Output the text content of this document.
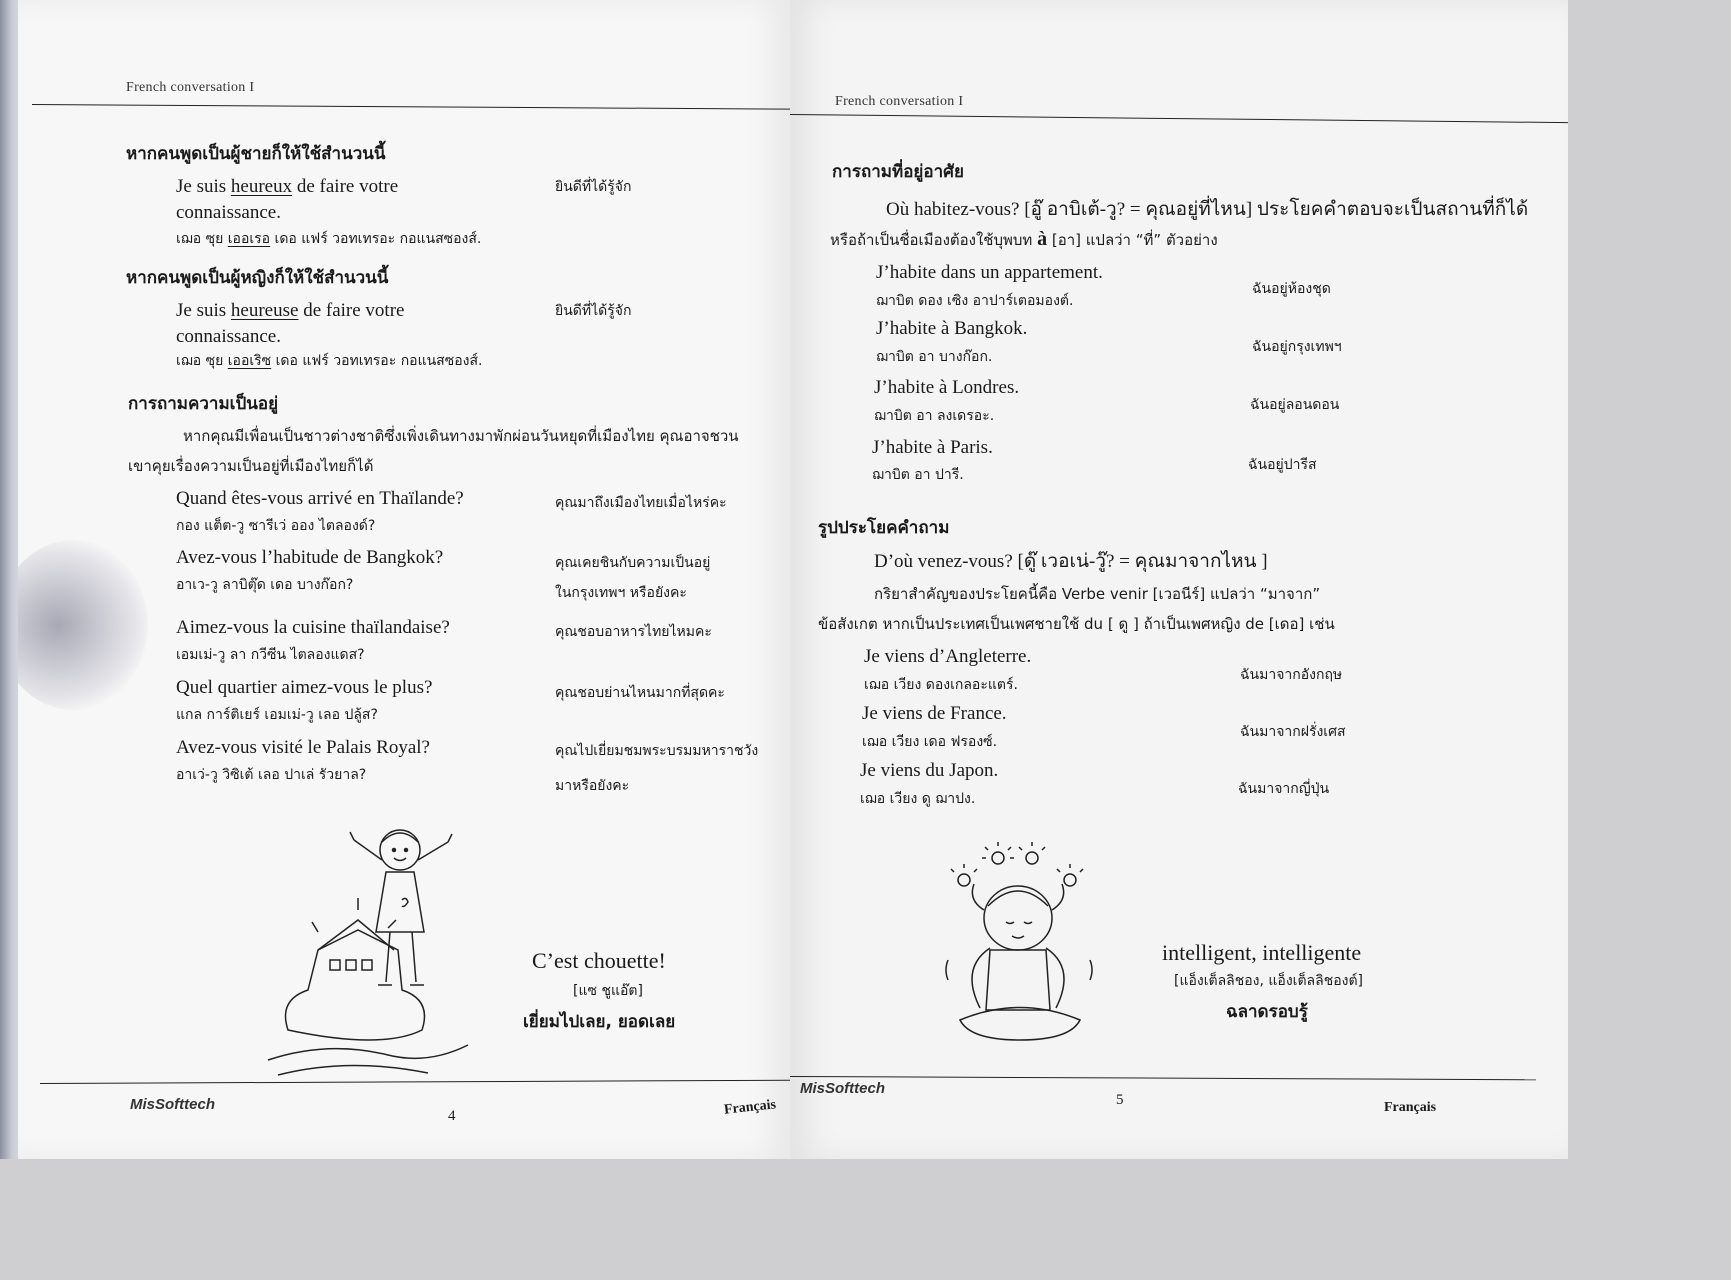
French conversation I
หากคนพูดเป็นผู้ชายก็ให้ใช้สำนวนนี้
Je suis heureux de faire votre
connaissance.
เฌอ ซุย เออเรอ เดอ แฟร์ วอทเทรอะ กอแนสซองส์.
ยินดีที่ได้รู้จัก
หากคนพูดเป็นผู้หญิงก็ให้ใช้สำนวนนี้
Je suis heureuse de faire votre
connaissance.
เฌอ ซุย เออเริซ เดอ แฟร์ วอทเทรอะ กอแนสซองส์.
ยินดีที่ได้รู้จัก
การถามความเป็นอยู่
หากคุณมีเพื่อนเป็นชาวต่างชาติซึ่งเพิ่งเดินทางมาพักผ่อนวันหยุดที่เมืองไทย คุณอาจชวน
เขาคุยเรื่องความเป็นอยู่ที่เมืองไทยก็ได้
Quand êtes-vous arrivé en Thaïlande?
กอง แต็ต-วู ซารีเว่ ออง ไตลองด์?
คุณมาถึงเมืองไทยเมื่อไหร่คะ
Avez-vous l’habitude de Bangkok?
อาเว-วู ลาบิตุ๊ด เดอ บางก๊อก?
คุณเคยชินกับความเป็นอยู่
ในกรุงเทพฯ หรือยังคะ
Aimez-vous la cuisine thaïlandaise?
เอมเม่-วู ลา กวีซีน ไตลองแดส?
คุณชอบอาหารไทยไหมคะ
Quel quartier aimez-vous le plus?
แกล การ์ติเยร์ เอมเม่-วู เลอ ปลู้ส?
คุณชอบย่านไหนมากที่สุดคะ
Avez-vous visité le Palais Royal?
อาเว่-วู วิซิเต้ เลอ ปาเล่ รัวยาล?
คุณไปเยี่ยมชมพระบรมมหาราชวัง
มาหรือยังคะ
C’est chouette!
[แซ ชูแอ๊ต]
เยี่ยมไปเลย, ยอดเลย
MisSofttech
4	Français
French conversation I
การถามที่อยู่อาศัย
Où habitez-vous? [อู๊ อาบิเต้-วู? = คุณอยู่ที่ไหน] ประโยคคำตอบจะเป็นสถานที่ก็ได้
หรือถ้าเป็นชื่อเมืองต้องใช้บุพบท à [อา] แปลว่า “ที่” ตัวอย่าง
J’habite dans un appartement.
ฌาบิต ดอง เซิง อาปาร์เตอมองต์.
ฉันอยู่ห้องชุด
J’habite à Bangkok.
ฌาบิต อา บางก๊อก.
ฉันอยู่กรุงเทพฯ
J’habite à Londres.
ฌาบิต อา ลงเดรอะ.
ฉันอยู่ลอนดอน
J’habite à Paris.
ฌาบิต อา ปารี.
ฉันอยู่ปารีส
รูปประโยคคำถาม
D’où venez-vous? [ดู๊ เวอเน่-วู๊? = คุณมาจากไหน ]
กริยาสำคัญของประโยคนี้คือ Verbe venir [เวอนีร์] แปลว่า “มาจาก”
ข้อสังเกต หากเป็นประเทศเป็นเพศชายใช้ du [ ดู ] ถ้าเป็นเพศหญิง de [เดอ] เช่น
Je viens d’Angleterre.
เฌอ เวียง ดองเกลอะแตร์.
ฉันมาจากอังกฤษ
Je viens de France.
เฌอ เวียง เดอ ฟรองซ์.
ฉันมาจากฝรั่งเศส
Je viens du Japon.
เฌอ เวียง ดู ฌาปง.
ฉันมาจากญี่ปุ่น
intelligent, intelligente
[แอ็งเต็ลลิชอง, แอ็งเต็ลลิชองต์]
ฉลาดรอบรู้
MisSofttech
5	Français
